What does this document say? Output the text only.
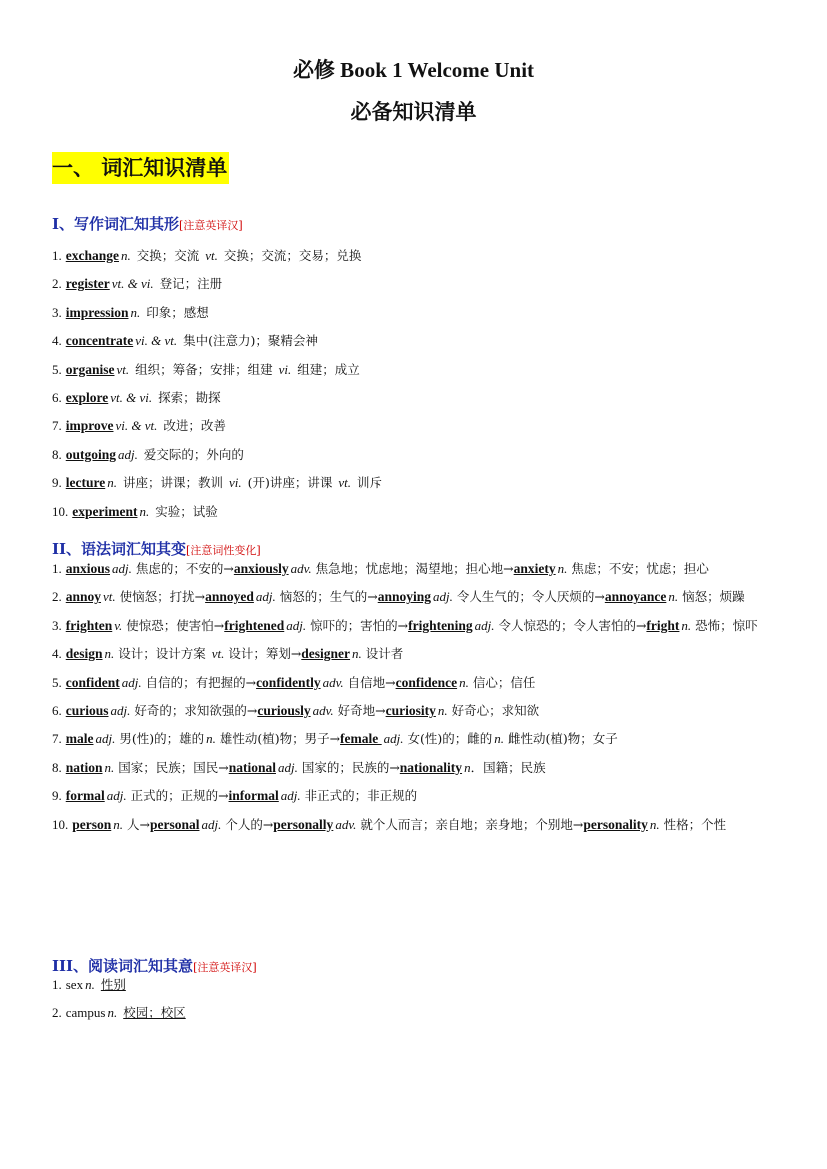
必修 Book 1 Welcome Unit
必备知识清单
一、 词汇知识清单
I、写作词汇知其形[注意英译汉]
1. exchange n. 交换；交流 vt. 交换；交流；交易；兑换
2. register vt. & vi. 登记；注册
3. impression n. 印象；感想
4. concentrate vi. & vt. 集中(注意力)；聚精会神
5. organise vt. 组织；筹备；安排；组建 vi. 组建；成立
6. explore vt. & vi. 探索；勘探
7. improve vi. & vt. 改进；改善
8. outgoing adj. 爱交际的；外向的
9. lecture n. 讲座；讲课；教训 vi. (开)讲座；讲课 vt. 训斥
10. experiment n. 实验；试验
II、语法词汇知其变[注意词性变化]
1. anxious adj. 焦虑的；不安的→anxiously adv. 焦急地；忧虑地；渴望地；担心地→anxiety n. 焦虑；不安；忧虑；担心
2. annoy vt. 使恼怒；打扰→annoyed adj. 恼怒的；生气的→annoying adj. 令人生气的；令人厌烦的→annoyance n. 恼怒；烦躁
3. frighten v. 使惊恐；使害怕→frightened adj. 惊吓的；害怕的→frightening adj. 令人惊恐的；令人害怕的→fright n. 恐怖；惊吓
4. design n. 设计；设计方案 vt. 设计；筹划→designer n. 设计者
5. confident adj. 自信的；有把握的→confidently adv. 自信地→confidence n. 信心；信任
6. curious adj. 好奇的；求知欲强的→curiously adv. 好奇地→curiosity n. 好奇心；求知欲
7. male adj. 男(性)的；雄的 n. 雄性动(植)物；男子→female adj. 女(性)的；雌的 n. 雌性动(植)物；女子
8. nation n. 国家；民族；国民→national adj. 国家的；民族的→nationality n．国籍；民族
9. formal adj. 正式的；正规的→informal adj. 非正式的；非正规的
10. person n. 人→personal adj. 个人的→personally adv. 就个人而言；亲自地；亲身地；个别地→personality n. 性格；个性
III、阅读词汇知其意[注意英译汉]
1. sex n. 性别
2. campus n. 校园；校区
